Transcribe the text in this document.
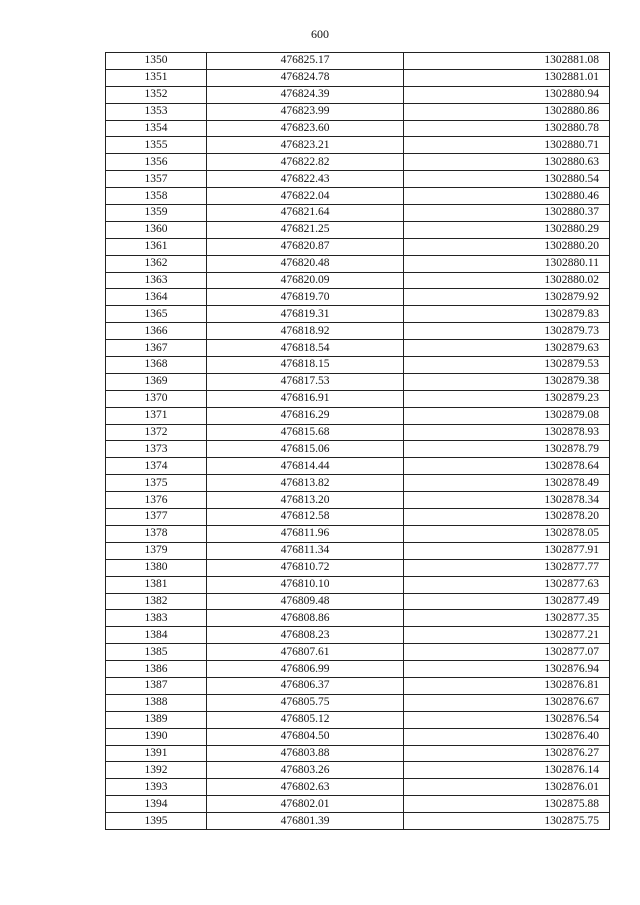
600
1350	476825.17	1302881.08
1351	476824.78	1302881.01
1352	476824.39	1302880.94
1353	476823.99	1302880.86
1354	476823.60	1302880.78
1355	476823.21	1302880.71
1356	476822.82	1302880.63
1357	476822.43	1302880.54
1358	476822.04	1302880.46
1359	476821.64	1302880.37
1360	476821.25	1302880.29
1361	476820.87	1302880.20
1362	476820.48	1302880.11
1363	476820.09	1302880.02
1364	476819.70	1302879.92
1365	476819.31	1302879.83
1366	476818.92	1302879.73
1367	476818.54	1302879.63
1368	476818.15	1302879.53
1369	476817.53	1302879.38
1370	476816.91	1302879.23
1371	476816.29	1302879.08
1372	476815.68	1302878.93
1373	476815.06	1302878.79
1374	476814.44	1302878.64
1375	476813.82	1302878.49
1376	476813.20	1302878.34
1377	476812.58	1302878.20
1378	476811.96	1302878.05
1379	476811.34	1302877.91
1380	476810.72	1302877.77
1381	476810.10	1302877.63
1382	476809.48	1302877.49
1383	476808.86	1302877.35
1384	476808.23	1302877.21
1385	476807.61	1302877.07
1386	476806.99	1302876.94
1387	476806.37	1302876.81
1388	476805.75	1302876.67
1389	476805.12	1302876.54
1390	476804.50	1302876.40
1391	476803.88	1302876.27
1392	476803.26	1302876.14
1393	476802.63	1302876.01
1394	476802.01	1302875.88
1395	476801.39	1302875.75
